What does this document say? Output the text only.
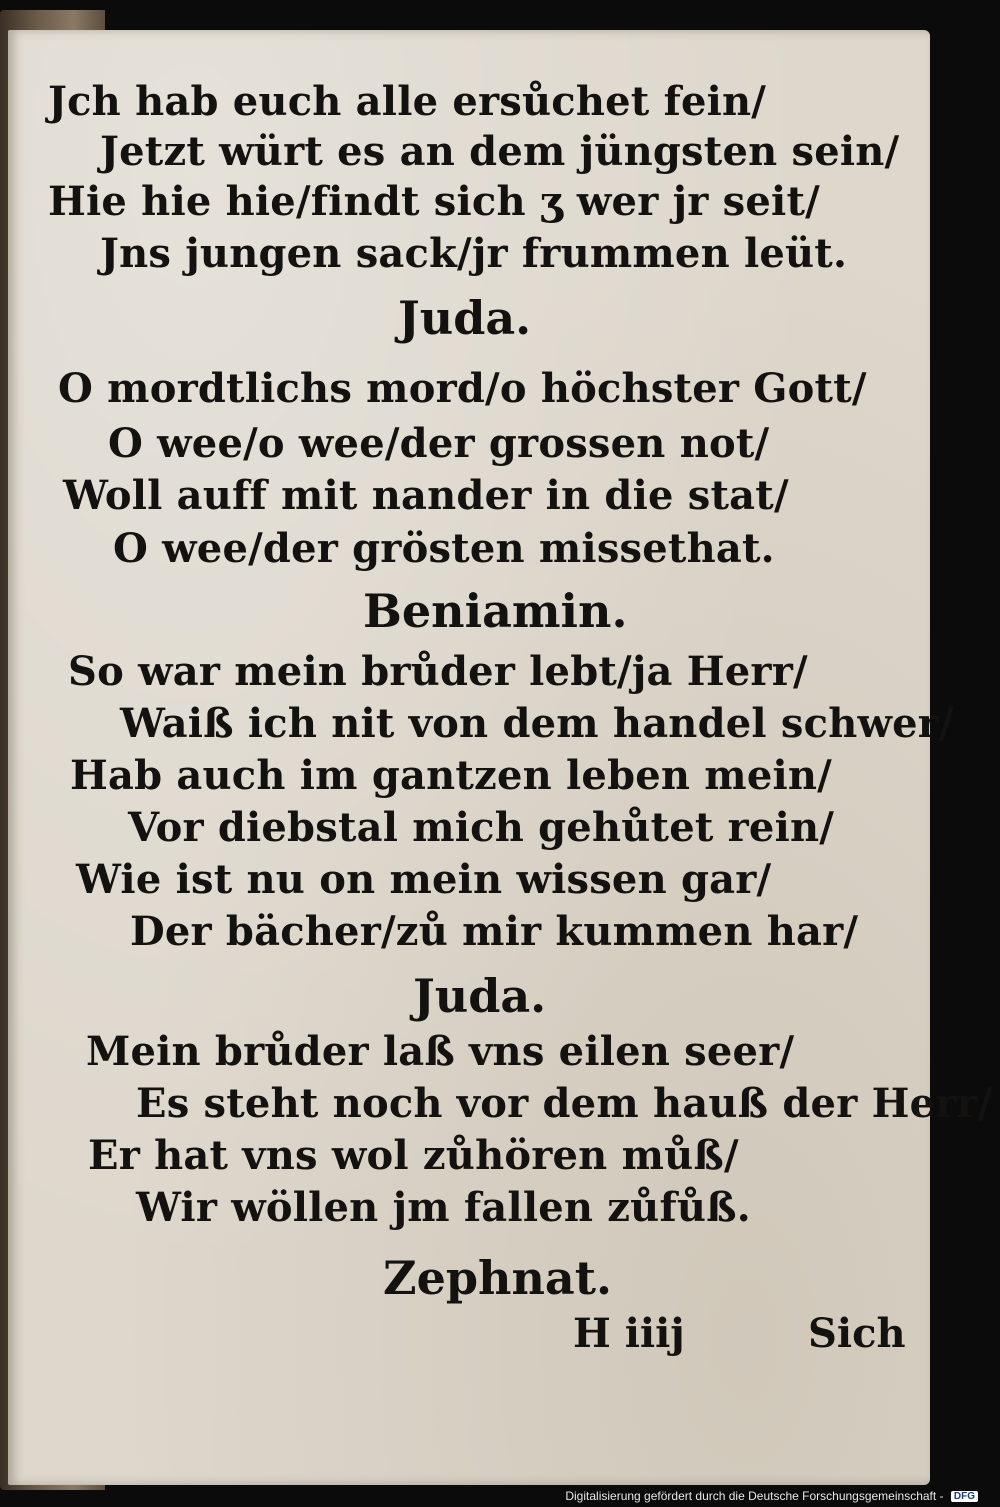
Jch hab euch alle ersůchet fein/
Jetzt würt es an dem jüngsten sein/
Hie hie hie/findt sich ʒ wer jr seit/
Jns jungen sack/jr frummen leüt.
Juda.
O mordtlichs mord/o höchster Gott/
O wee/o wee/der grossen not/
Woll auff mit nander in die stat/
O wee/der grösten missethat.
Beniamin.
So war mein brůder lebt/ja Herr/
Waiß ich nit von dem handel schwer/
Hab auch im gantzen leben mein/
Vor diebstal mich gehůtet rein/
Wie ist nu on mein wissen gar/
Der bächer/zů mir kummen har/
Juda.
Mein brůder laß vns eilen seer/
Es steht noch vor dem hauß der Herr/
Er hat vns wol zůhören můß/
Wir wöllen jm fallen zůfůß.
Zephnat.
H iiij	Sich
Digitalisierung gefördert durch die Deutsche Forschungsgemeinschaft - DFG
